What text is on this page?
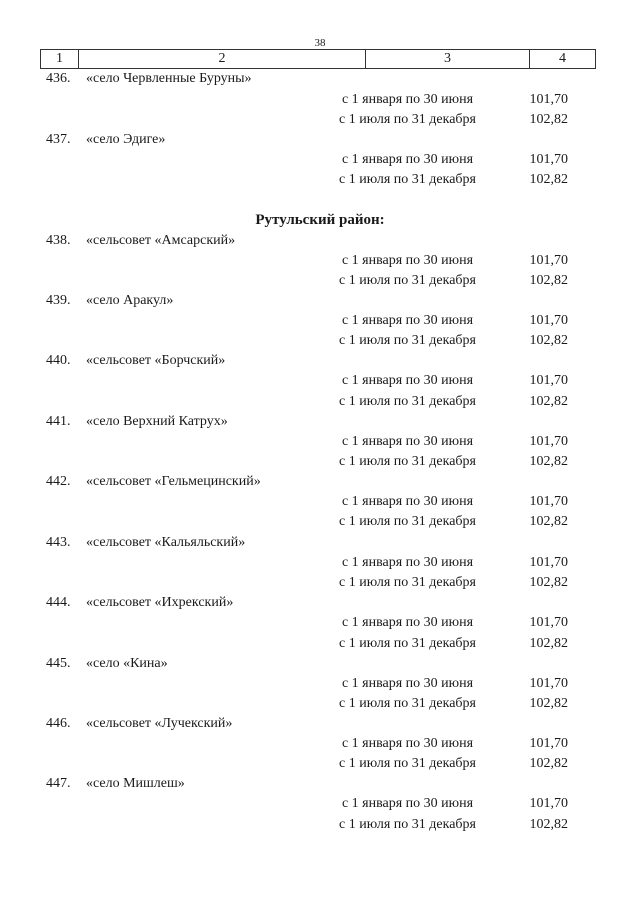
38
1	2	3	4
436. «село Червленные Буруны»
с 1 января по 30 июня	101,70
с 1 июля по 31 декабря	102,82
437. «село Эдиге»
с 1 января по 30 июня	101,70
с 1 июля по 31 декабря	102,82
Рутульский район:
438. «сельсовет «Амсарский»
с 1 января по 30 июня	101,70
с 1 июля по 31 декабря	102,82
439. «село Аракул»
с 1 января по 30 июня	101,70
с 1 июля по 31 декабря	102,82
440. «сельсовет «Борчский»
с 1 января по 30 июня	101,70
с 1 июля по 31 декабря	102,82
441. «село Верхний Катрух»
с 1 января по 30 июня	101,70
с 1 июля по 31 декабря	102,82
442. «сельсовет «Гельмецинский»
с 1 января по 30 июня	101,70
с 1 июля по 31 декабря	102,82
443. «сельсовет «Кальяльский»
с 1 января по 30 июня	101,70
с 1 июля по 31 декабря	102,82
444. «сельсовет «Ихрекский»
с 1 января по 30 июня	101,70
с 1 июля по 31 декабря	102,82
445. «село «Кина»
с 1 января по 30 июня	101,70
с 1 июля по 31 декабря	102,82
446. «сельсовет «Лучекский»
с 1 января по 30 июня	101,70
с 1 июля по 31 декабря	102,82
447. «село Мишлеш»
с 1 января по 30 июня	101,70
с 1 июля по 31 декабря	102,82
